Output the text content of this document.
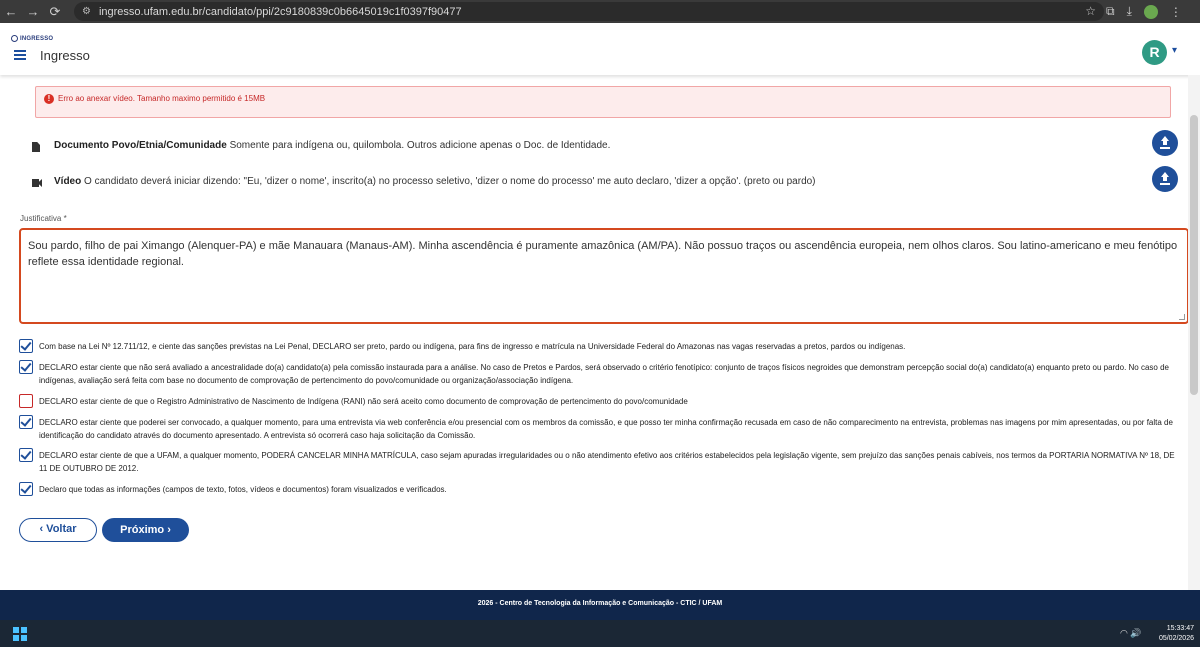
← → ⟳	⚙ ingresso.ufam.edu.br/candidato/ppi/2c9180839c0b6645019c1f0397f90477	☆ ⧉ ⤓	⋮
INGRESSO
Ingresso	R	▾
! Erro ao anexar vídeo. Tamanho maximo permitido é 15MB
Documento Povo/Etnia/Comunidade Somente para indígena ou, quilombola. Outros adicione apenas o Doc. de Identidade.
Vídeo O candidato deverá iniciar dizendo: "Eu, 'dizer o nome', inscrito(a) no processo seletivo, 'dizer o nome do processo' me auto declaro, 'dizer a opção'. (preto ou pardo)
Justificativa *
Sou pardo, filho de pai Ximango (Alenquer-PA) e mãe Manauara (Manaus-AM). Minha ascendência é puramente amazônica (AM/PA). Não possuo traços ou ascendência europeia, nem olhos claros. Sou latino-americano e meu fenótipo reflete essa identidade regional.
Com base na Lei Nº 12.711/12, e ciente das sanções previstas na Lei Penal, DECLARO ser preto, pardo ou indígena, para fins de ingresso e matrícula na Universidade Federal do Amazonas nas vagas reservadas a pretos, pardos ou indígenas.
DECLARO estar ciente que não será avaliado a ancestralidade do(a) candidato(a) pela comissão instaurada para a análise. No caso de Pretos e Pardos, será observado o critério fenotípico: conjunto de traços físicos negroides que demonstram percepção social do(a) candidato(a) enquanto preto ou pardo. No caso de indígenas, avaliação será feita com base no documento de comprovação de pertencimento do povo/comunidade ou organização/associação indígena.
DECLARO estar ciente de que o Registro Administrativo de Nascimento de Indígena (RANI) não será aceito como documento de comprovação de pertencimento do povo/comunidade
DECLARO estar ciente que poderei ser convocado, a qualquer momento, para uma entrevista via web conferência e/ou presencial com os membros da comissão, e que posso ter minha confirmação recusada em caso de não comparecimento na entrevista, problemas nas imagens por mim apresentadas, ou por falta de identificação do candidato através do documento apresentado. A entrevista só ocorrerá caso haja solicitação da Comissão.
DECLARO estar ciente de que a UFAM, a qualquer momento, PODERÁ CANCELAR MINHA MATRÍCULA, caso sejam apuradas irregularidades ou o não atendimento efetivo aos critérios estabelecidos pela legislação vigente, sem prejuízo das sanções penais cabíveis, nos termos da PORTARIA NORMATIVA Nº 18, DE 11 DE OUTUBRO DE 2012.
Declaro que todas as informações (campos de texto, fotos, vídeos e documentos) foram visualizados e verificados.
‹ Voltar	Próximo ›
2026 - Centro de Tecnologia da Informação e Comunicação - CTIC / UFAM
◠ 🔊	15:33:47
05/02/2026
